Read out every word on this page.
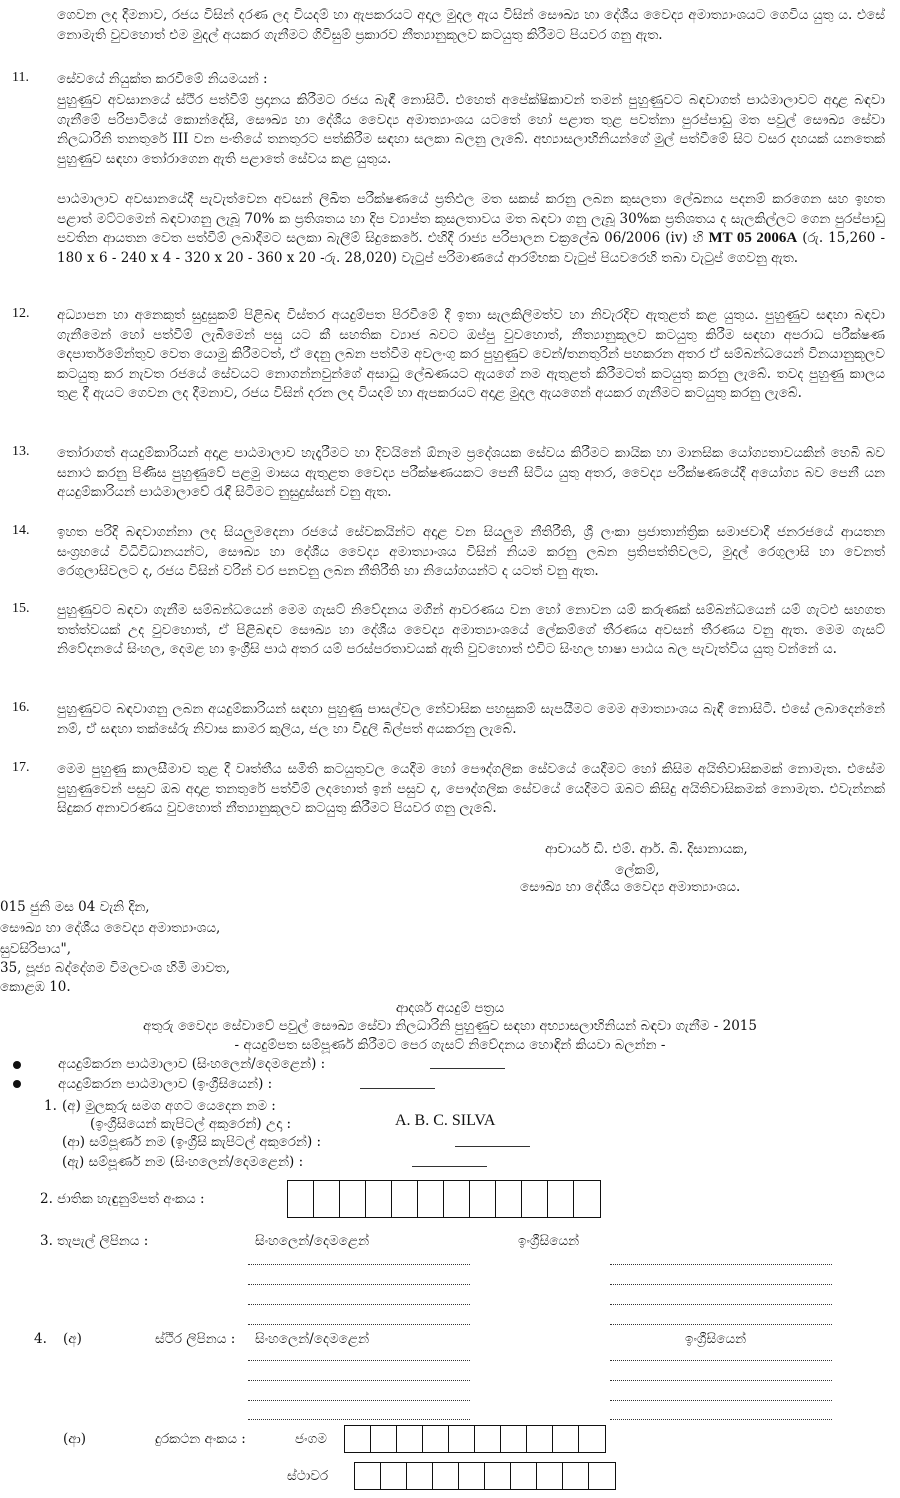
ගෙවන ලද දීමනාව, රජය විසින් දරණ ලද වියදම් හා ඇපකරයට අදාල මුදල ඇය විසින් සෞඛ්‍ය හා දේශීය වෛද්‍ය අමාත්‍යාංශයට ගෙවිය යුතු ය. එසේ නොමැති වුවහොත් එම මුදල් අයකර ගැනීමට ගිවිසුම් ප්‍රකාරව නීත්‍යානුකූලව කටයුතු කිරීමට පියවර ගනු ඇත.
11. සේවයේ නියුක්ත කරවීමේ නියමයන් :
පුහුණුව අවසානයේ ස්ථිර පත්වීම් ප්‍රදානය කිරීමට රජය බැඳී නොසිටී. එහෙත් අපේක්ෂිකාවන් තමන් පුහුණුවට බඳවාගත් පාඨමාලාවට අදාළ බඳවා ගැනීමේ පරිපාටියේ කොන්දේසි, සෞඛ්‍ය හා දේශීය වෛද්‍ය අමාත්‍යාංශය යටතේ හෝ පළාත තුළ පවත්නා පුරප්පාඩු මත පවුල් සෞඛ්‍ය සේවා නිලධාරිනි තනතුරේ III වන පංතියේ තනතුරට පත්කිරීම සඳහා සලකා බලනු ලැබේ. අභ්‍යාසලාභිනියන්ගේ මුල් පත්වීමේ සිට වසර දහයක් යනතෙක් පුහුණුව සඳහා තෝරාගෙන ඇති පළාතේ සේවය කළ යුතුය.
පාඨමාලාව අවසානයේදී පැවැත්වෙන අවසන් ලිඛිත පරීක්ෂණයේ ප්‍රතිඵල මත සකස් කරනු ලබන කුසලතා ලේඛනය පදනම් කරගෙන සහ ඉහත පළාත් මට්ටමෙන් බඳවාගනු ලැබූ 70% ක ප්‍රතිශතය හා දිප ව්‍යාප්ත කුසලතාවය මත බඳවා ගනු ලැබූ 30%ක ප්‍රතිශතය ද සැලකිල්ලට ගෙන පුරප්පාඩු පවතින ආයතන වෙත පත්වීම් ලබාදීමට සලකා බැලීම් සිදුකෙරේ. එහිදී රාජ්‍ය පරිපාලන චක්‍රලේඛ 06/2006 (iv) හි MT 05 2006A (රු. 15,260 - 180 x 6 - 240 x 4 - 320 x 20 - 360 x 20 -රු. 28,020) වැටුප් පරිමාණයේ ආරම්භක වැටුප් පියවරෙහි තබා වැටුප් ගෙවනු ඇත.
12. අධ්‍යාපන හා අනෙකුත් සුදුසුකම් පිළිබඳ විස්තර අයදුම්පත පිරවීමේ දී ඉතා සැලකිලිමත්ව හා නිවැරදිව ඇතුළත් කළ යුතුය. පුහුණුව සඳහා බඳවා ගැනීමෙන් හෝ පත්වීම් ලැබීමෙන් පසු යට කී සහතික ව්‍යාජ බවට ඔප්පු වුවහොත්, නීත්‍යානුකූලව කටයුතු කිරීම සඳහා අපරාධ පරීක්ෂණ දෙපාර්තමේන්තුව වෙත යොමු කිරීමටත්, ඒ දෙනු ලබන පත්වීම අවලංගු කර පුහුණුව වෙන්/තනතුරින් පහකරන අතර ඒ සම්බන්ධයෙන් විනයානුකූලව කටයුතු කර නැවත රජයේ සේවයට නොගන්නවුන්ගේ අසාධු ලේඛණයට ඇයගේ නම ඇතුළත් කිරීමටත් කටයුතු කරනු ලැබේ. තවද පුහුණු කාලය තුළ දී ඇයට ගෙවන ලද දීමනාව, රජය විසින් දරන ලද වියදම් හා ඇපකරයට අදාළ මුදල ඇයගෙන් අයකර ගැනීමට කටයුතු කරනු ලැබේ.
13. තෝරාගත් අයදුම්කාරියන් අදාළ පාඨමාලාව හැදෑරීමට හා දිවයිනේ ඕනෑම ප්‍රදේශයක සේවය කිරීමට කායික හා මානසික යෝග්‍යතාවයකින් හෙබි බව සනාථ කරනු පිණිස පුහුණුවේ පළමු මාසය ඇතුළත වෛද්‍ය පරීක්ෂණයකට පෙනී සිටිය යුතු අතර, වෛද්‍ය පරීක්ෂණයේදී අයෝග්‍ය බව පෙනී යන අයදුම්කාරියන් පාඨමාලාවේ රැඳී සිටීමට නුසුදුස්සන් වනු ඇත.
14. ඉහත පරිදි බඳවාගන්නා ලද සියලුමදෙනා රජයේ සේවකයින්ට අදාළ වන සියලුම නීතිරීති, ශ්‍රී ලංකා ප්‍රජාතාන්ත්‍රික සමාජවාදී ජනරජයේ ආයතන සංග්‍රහයේ විධිවිධානයන්ට, සෞඛ්‍ය හා දේශීය වෛද්‍ය අමාත්‍යාංශය විසින් නියම කරනු ලබන ප්‍රතිපත්තිවලට, මුදල් රෙගුලාසි හා වෙනත් රෙගුලාසිවලට ද, රජය විසින් වරින් වර පනවනු ලබන නීතිරීති හා නියෝගයන්ට ද යටත් වනු ඇත.
15. පුහුණුවට බඳවා ගැනීම සම්බන්ධයෙන් මෙම ගැසට් නිවේදනය මගින් ආවරණය වන හෝ නොවන යම් කරුණක් සම්බන්ධයෙන් යම් ගැටළු සහගත තත්ත්වයක් උද වුවහොත්, ඒ පිළිබඳව සෞඛ්‍ය හා දේශීය වෛද්‍ය අමාත්‍යාංශයේ ලේකම්ගේ තීරණය අවසන් තීරණය වනු ඇත. මෙම ගැසට් නිවේදනයේ සිංහල, දෙමළ හා ඉංග්‍රීසි පාඨ අතර යම් පරස්පරතාවයක් ඇති වුවහොත් එවිට සිංහල භාෂා පාඨය බල පැවැත්විය යුතු වන්නේ ය.
16. පුහුණුවට බඳවාගනු ලබන අයදුම්කාරියන් සඳහා පුහුණු පාසල්වල නේවාසික පහසුකම් සැපයීමට මෙම අමාත්‍යාංශය බැඳී නොසිටී. එසේ ලබාදෙන්නේ නම්, ඒ සඳහා තක්සේරු නිවාස කාමර කුලිය, ජල හා විදුලි බිල්පත් අයකරනු ලැබේ.
17. මෙම පුහුණු කාලසීමාව තුළ දී වෘත්තීය සමිති කටයුතුවල යෙදීම හෝ පෞද්ගලික සේවයේ යෙදීමට හෝ කිසිම අයිතිවාසිකමක් නොමැත. එසේම පුහුණුවෙන් පසුව ඔබ අදාළ තනතුරේ පත්වීම් ලදහොත් ඉන් පසුව ද, පෞද්ගලික සේවයේ යෙදීමට ඔබට කිසිදු අයිතිවාසිකමක් නොමැත. එවැන්නක් සිදුකර අනාවරණය වුවහොත් නීත්‍යානුකූලව කටයුතු කිරීමට පියවර ගනු ලැබේ.
ආචාර්ය ඩී. එම්. ආර්. බී. දිසානායක,
ලේකම්,
සෞඛ්‍ය හා දේශීය වෛද්‍ය අමාත්‍යාංශය.
015 ජුනි මස 04 වැනි දින,
සෞඛ්‍ය හා දේශීය වෛද්‍ය අමාත්‍යාංශය,
සුවසිරිපාය",
35, පූජ්‍ය බද්දේගම විමලවංශ හිමි මාවත,
කොළඹ 10.
ආදර්ශ අයදුම් පත්‍රය
අතුරු වෛද්‍ය සේවාවේ පවුල් සෞඛ්‍ය සේවා නිලධාරිනි පුහුණුව සඳහා අභ්‍යාසලාභිනියන් බඳවා ගැනීම - 2015
- අයදුම්පත සම්පූර්ණ කිරීමට පෙර ගැසට් නිවේදනය හොඳින් කියවා බලන්න -
අයදුම්කරන පාඨමාලාව (සිංහලෙන්/දෙමළෙන්) :
අයදුම්කරන පාඨමාලාව (ඉංග්‍රීසියෙන්) :
1. (අ) මුලකුරු සමග අගට යෙදෙන නම :
(ඉංග්‍රීසියෙන් කැපිටල් අකුරෙන්) උදා :	A. B. C. SILVA
(ආ) සම්පූර්ණ නම (ඉංග්‍රීසි කැපිටල් අකුරෙන්) :
(ඇ) සම්පූර්ණ නම (සිංහලෙන්/දෙමළෙන්) :
2. ජාතික හැඳුනුම්පත් අංකය :
3. තැපැල් ලිපිනය :	සිංහලෙන්/දෙමළෙන්	ඉංග්‍රීසියෙන්
4. (අ)	ස්ථිර ලිපිනය : සිංහලෙන්/දෙමළෙන්	ඉංග්‍රීසියෙන්
(ආ)	දුරකථන අංකය :	ජංගම
ස්ථාවර
